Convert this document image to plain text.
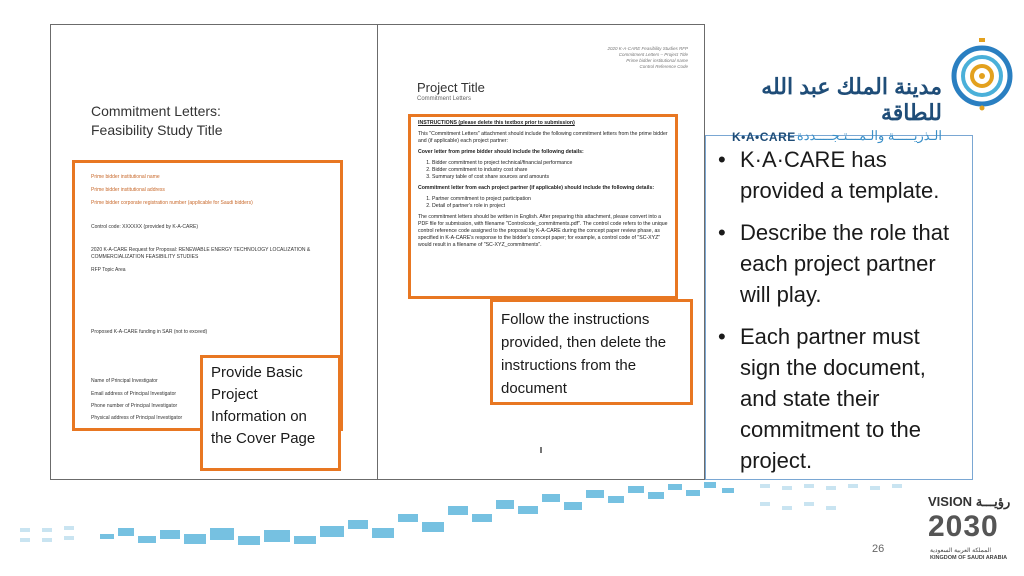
Commitment Letters:
Feasibility Study Title
Prime bidder institutional name
Prime bidder institutional address
Prime bidder corporate registration number (applicable for Saudi bidders)
Control code: XXXXXX (provided by K-A-CARE)
2020 K-A-CARE Request for Proposal: RENEWABLE ENERGY TECHNOLOGY LOCALIZATION &
COMMERCIALIZATION FEASIBILITY STUDIES
RFP Topic Area
Proposed K-A-CARE funding in SAR (not to exceed)
Name of Principal Investigator
Email address of Principal Investigator
Phone number of Principal Investigator
Physical address of Principal Investigator
Provide Basic Project Information on the Cover Page
2020 K-A-CARE Feasibility Studies RFP
Commitment Letters – Project Title
Prime bidder institutional name
Control Reference Code
Project Title
Commitment Letters

INSTRUCTIONS (please delete this textbox prior to submission)

This "Commitment Letters" attachment should include the following commitment letters from the prime bidder and (if applicable) each project partner:

Cover letter from prime bidder should include the following details:

1. Bidder commitment to project technical/financial performance
2. Bidder commitment to industry cost share
3. Summary table of cost share sources and amounts

Commitment letter from each project partner (if applicable) should include the following details:

1. Partner commitment to project participation
2. Detail of partner's role in project

The commitment letters should be written in English. After preparing this attachment, please convert into a PDF file for submission, with filename "Controlcode_commitments.pdf". The control code refers to the unique control reference code assigned to the proposal by K-A-CARE during the concept paper review phase, as specified in K-A-CARE's response to the bidder's concept paper; for example, a control code of "SC-XYZ" would result in a filename of "SC-XYZ_commitments".

Follow the instructions provided, then delete the instructions from the document
• K·A·CARE has provided a template.
• Describe the role that each project partner will play.
• Each partner must sign the document, and state their commitment to the project.
مدينة الملك عبد الله للطاقة
K•A•CARE الـذريـــــة والـمـــتـجــــددة
VISION رؤيـــة
2030
المملكة العربية السعودية
KINGDOM OF SAUDI ARABIA
26
